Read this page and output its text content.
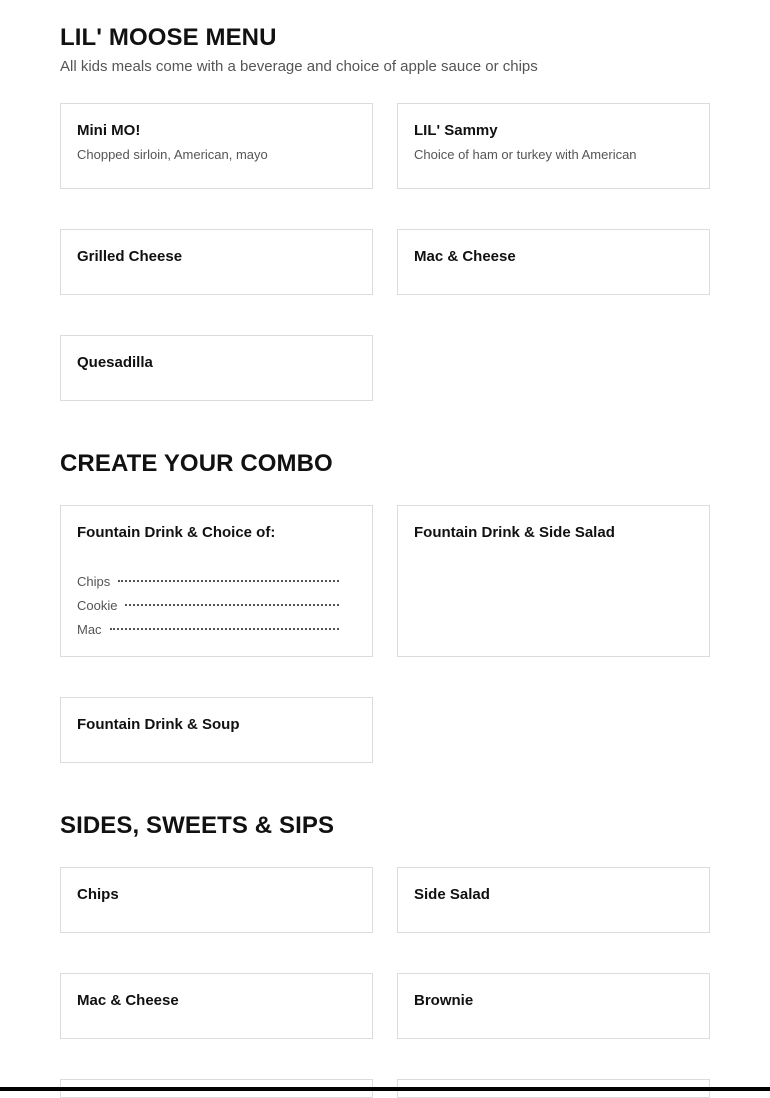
LIL' MOOSE MENU

All kids meals come with a beverage and choice of apple sauce or chips

Mini MO!
Chopped sirloin, American, mayo
LIL' Sammy
Choice of ham or turkey with American
Grilled Cheese	Mac & Cheese
Quesadilla
CREATE YOUR COMBO
Fountain Drink & Choice of:
Chips
Cookie
Mac
Fountain Drink & Side Salad
Fountain Drink & Soup
SIDES, SWEETS & SIPS
Chips	Side Salad
Mac & Cheese	Brownie
